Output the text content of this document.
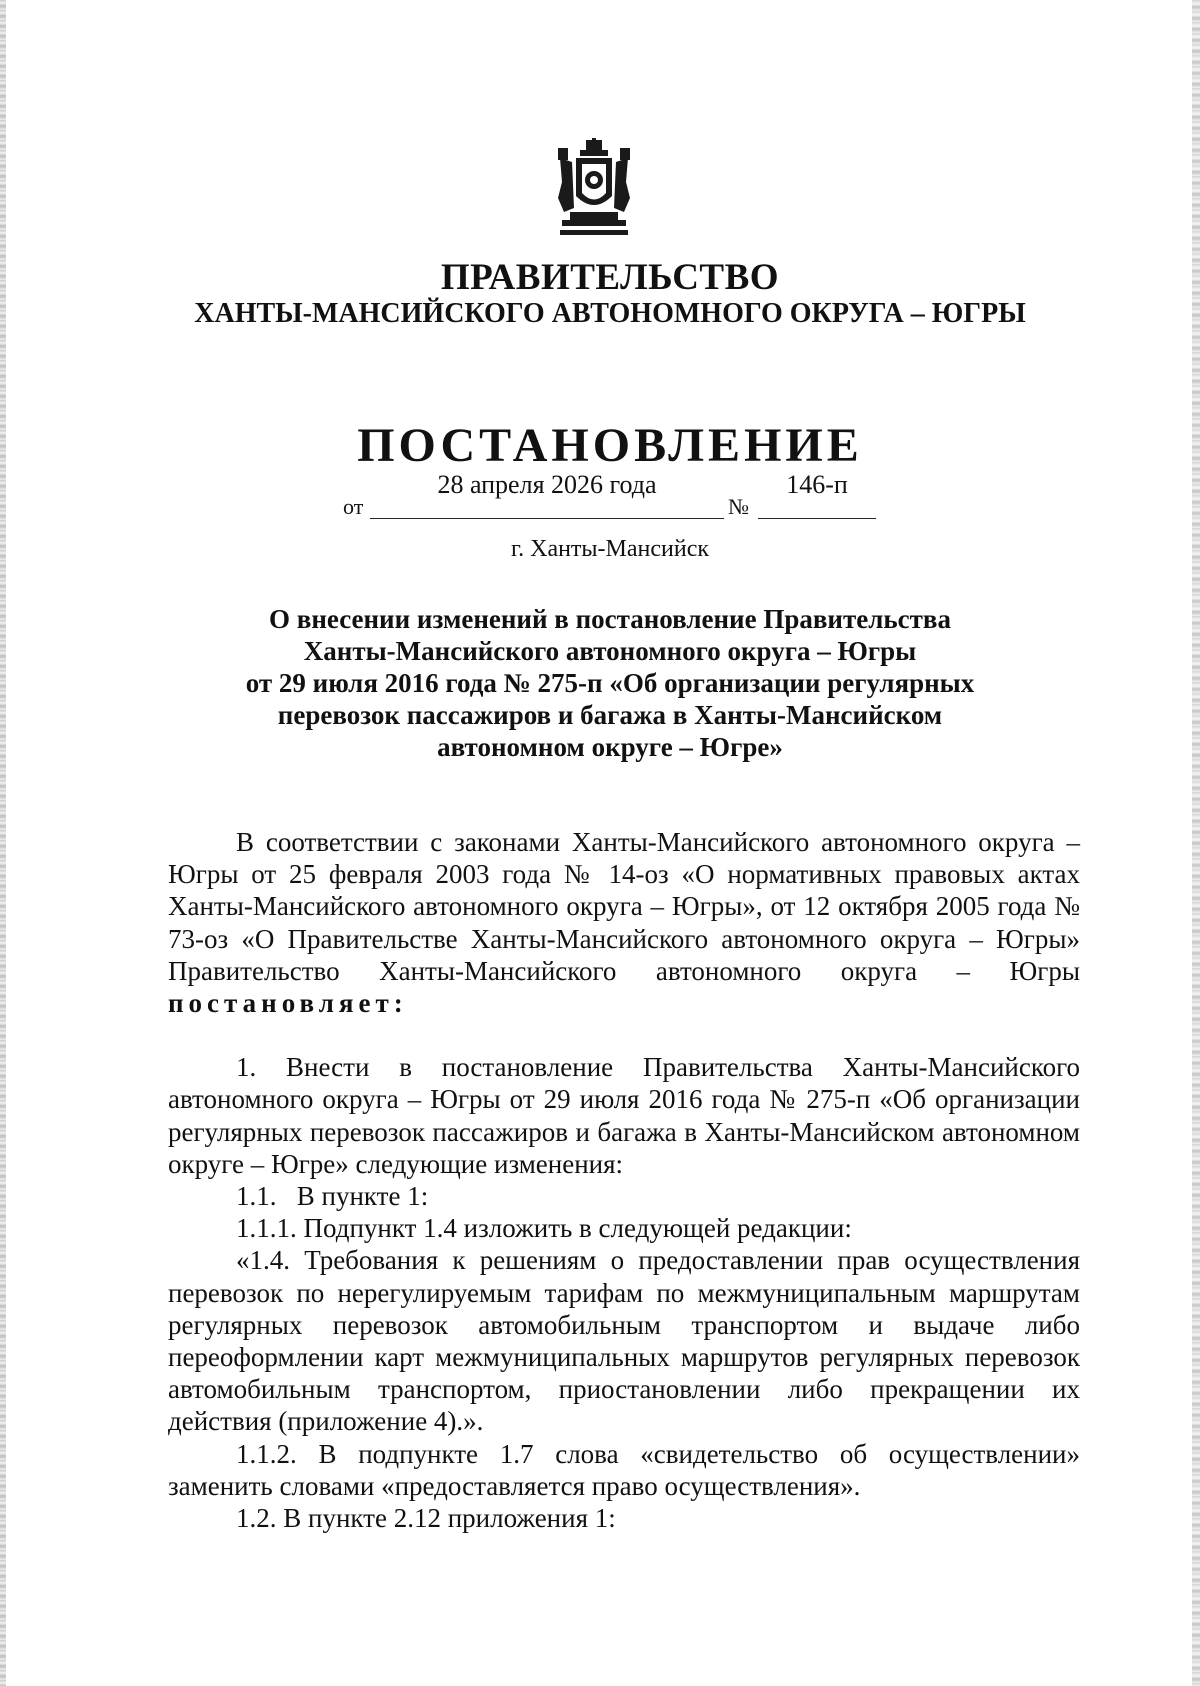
ПРАВИТЕЛЬСТВО
ХАНТЫ-МАНСИЙСКОГО АВТОНОМНОГО ОКРУГА – ЮГРЫ
ПОСТАНОВЛЕНИЕ
от
28 апреля 2026 года
№
146-п
г. Ханты-Мансийск
О внесении изменений в постановление Правительства
Ханты-Мансийского автономного округа – Югры
от 29 июля 2016 года № 275-п «Об организации регулярных
перевозок пассажиров и багажа в Ханты-Мансийском
автономном округе – Югре»

В соответствии с законами Ханты-Мансийского автономного округа – Югры от 25 февраля 2003 года № 14-оз «О нормативных правовых актах Ханты-Мансийского автономного округа – Югры», от 12 октября 2005 года № 73-оз «О Правительстве Ханты-Мансийского автономного округа – Югры» Правительство Ханты-Мансийского автономного округа – Югры постановляет:

1. Внести в постановление Правительства Ханты-Мансийского автономного округа – Югры от 29 июля 2016 года № 275-п «Об организации регулярных перевозок пассажиров и багажа в Ханты-Мансийском автономном округе – Югре» следующие изменения:

1.1.   В пункте 1:

1.1.1. Подпункт 1.4 изложить в следующей редакции:

«1.4. Требования к решениям о предоставлении прав осуществления перевозок по нерегулируемым тарифам по межмуниципальным маршрутам регулярных перевозок автомобильным транспортом и выдаче либо переоформлении карт межмуниципальных маршрутов регулярных перевозок автомобильным транспортом, приостановлении либо прекращении их действия (приложение 4).».

1.1.2. В подпункте 1.7 слова «свидетельство об осуществлении» заменить словами «предоставляется право осуществления».

1.2. В пункте 2.12 приложения 1:
